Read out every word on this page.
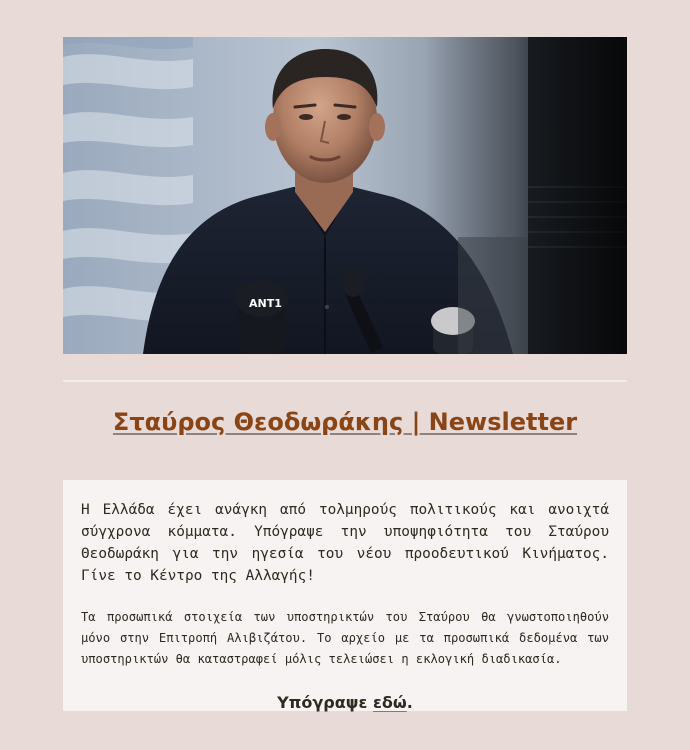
ANT1
Σταύρος Θεοδωράκης | Newsletter

Η Ελλάδα έχει ανάγκη από τολμηρούς πολιτικούς και ανοιχτά σύγχρονα κόμματα. Υπόγραψε την υποψηφιότητα του Σταύρου Θεοδωράκη για την ηγεσία του νέου προοδευτικού Κινήματος. Γίνε το Κέντρο της Αλλαγής!

Τα προσωπικά στοιχεία των υποστηρικτών του Σταύρου θα γνωστοποιηθούν μόνο στην Επιτροπή Αλιβιζάτου. Το αρχείο με τα προσωπικά δεδομένα των υποστηρικτών θα καταστραφεί μόλις τελειώσει η εκλογική διαδικασία.

Υπόγραψε εδώ.
